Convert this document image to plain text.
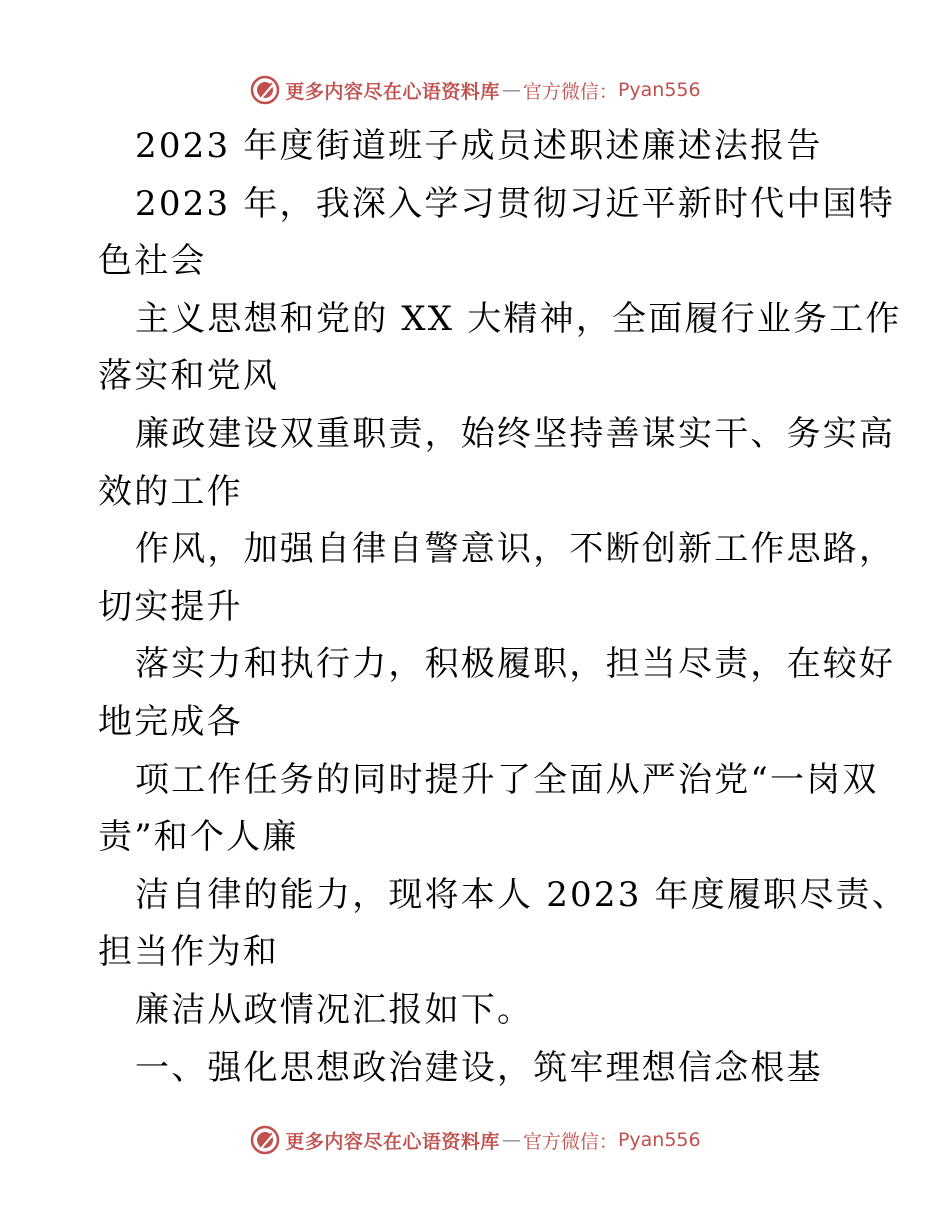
更多内容尽在心语资料库 — 官方微信： Pyan556
2023 年度街道班子成员述职述廉述法报告
2023 年，我深入学习贯彻习近平新时代中国特
色社会
主义思想和党的 XX 大精神，全面履行业务工作
落实和党风
廉政建设双重职责，始终坚持善谋实干、务实高
效的工作
作风，加强自律自警意识，不断创新工作思路，
切实提升
落实力和执行力，积极履职，担当尽责，在较好
地完成各
项工作任务的同时提升了全面从严治党“一岗双
责”和个人廉
洁自律的能力，现将本人 2023 年度履职尽责、
担当作为和
廉洁从政情况汇报如下。
一、强化思想政治建设，筑牢理想信念根基
更多内容尽在心语资料库 — 官方微信： Pyan556
